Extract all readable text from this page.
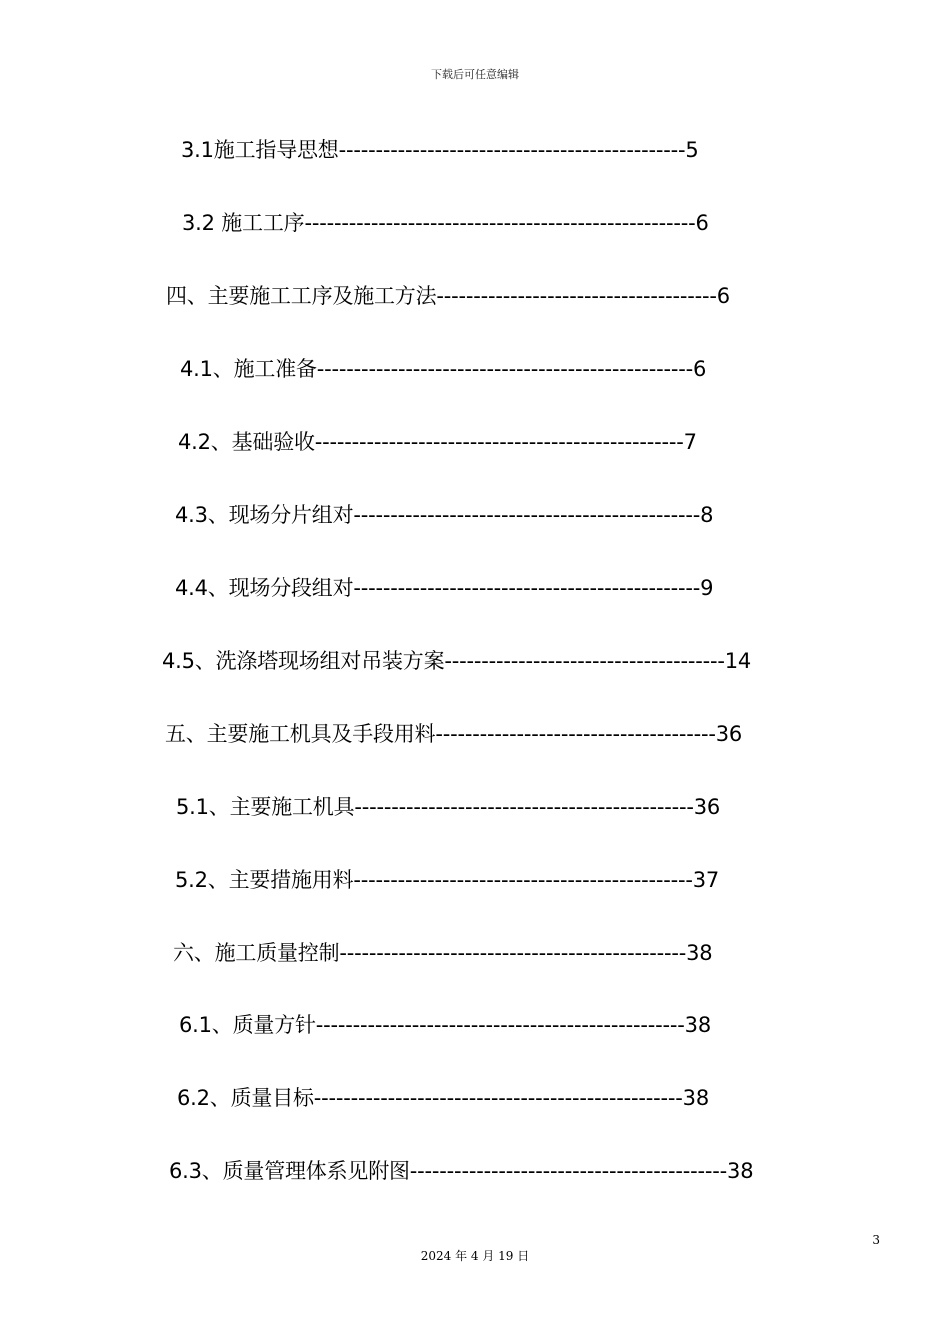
下载后可任意编辑
3.1施工指导思想-----------------------------------------------5
3.2 施工工序-----------------------------------------------------6
四、主要施工工序及施工方法--------------------------------------6
4.1、施工准备---------------------------------------------------6
4.2、基础验收--------------------------------------------------7
4.3、现场分片组对-----------------------------------------------8
4.4、现场分段组对-----------------------------------------------9
4.5、洗涤塔现场组对吊装方案--------------------------------------14
五、主要施工机具及手段用料--------------------------------------36
5.1、主要施工机具----------------------------------------------36
5.2、主要措施用料----------------------------------------------37
六、施工质量控制-----------------------------------------------38
6.1、质量方针--------------------------------------------------38
6.2、质量目标--------------------------------------------------38
6.3、质量管理体系见附图-------------------------------------------38
3
2024 年 4 月 19 日
